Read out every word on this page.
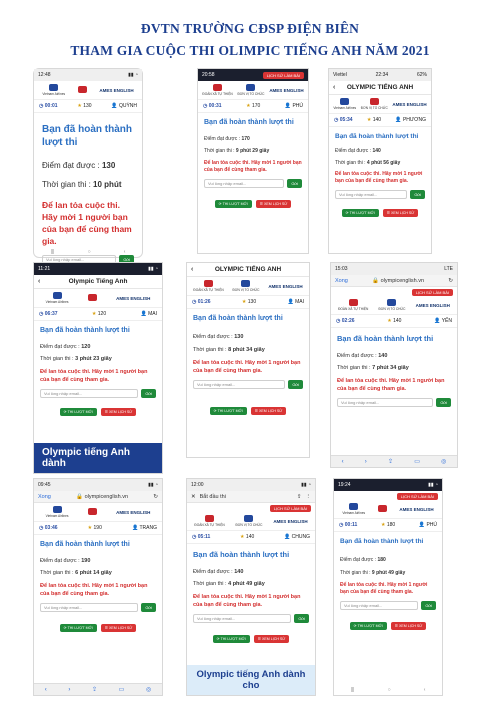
ĐVTN TRƯỜNG CĐSP ĐIỆN BIÊN
THAM GIA CUỘC THI OLIMPIC TIẾNG ANH NĂM 2021
12:48	▮▮ ◔
Vietnam Airlines
AMES ENGLISH
◷ 00:01	★ 130	👤 QUỲNH
Bạn đã hoàn thành lượt thi
Điểm đạt được : 130
Thời gian thi : 10 phút
Để lan tỏa cuộc thi. Hãy mời 1 người bạn của bạn để cùng tham gia.
Vui lòng nhập email...	Gửi
|||	○	‹
20:58	LỊCH SỬ LÀM BÀI
ĐOÀN XÃ TỰ THIỆN ĐƠN VỊ TỔ CHỨC
AMES ENGLISH
◷ 00:31	★ 170	👤 PHÚ
Bạn đã hoàn thành lượt thi
Điểm đạt được : 170
Thời gian thi : 9 phút 29 giây
Để lan tỏa cuộc thi. Hãy mời 1 người bạn của bạn để cùng tham gia.
Vui lòng nhập email...	Gửi
⟳ THI LƯỢT MỚI	☰ XEM LỊCH SỬ
Viettel	22:34	62%
‹ OLYMPIC TIẾNG ANH
Vietnam Airlines ĐƠN VỊ TỔ CHỨC
AMES ENGLISH
◷ 05:34	★ 140	👤 PHƯƠNG
Bạn đã hoàn thành lượt thi
Điểm đạt được : 140
Thời gian thi : 4 phút 56 giây
Để lan tỏa cuộc thi. Hãy mời 1 người bạn của bạn để cùng tham gia.
Vui lòng nhập email...	Gửi
⟳ THI LƯỢT MỚI	☰ XEM LỊCH SỬ
11:21	▮▮ ◔
‹	Olympic Tiếng Anh
Vietnam Airlines
AMES ENGLISH
◷ 06:37	★ 120	👤 MAI
Bạn đã hoàn thành lượt thi
Điểm đạt được : 120
Thời gian thi : 3 phút 23 giây
Để lan tỏa cuộc thi. Hãy mời 1 người bạn của bạn để cùng tham gia.
Vui lòng nhập email...	Gửi
⟳ THI LƯỢT MỚI	☰ XEM LỊCH SỬ
Olympic tiếng Anh dành
‹	OLYMPIC TIẾNG ANH
ĐOÀN XÃ TỰ THIỆN	ĐƠN VỊ TỔ CHỨC
AMES ENGLISH
◷ 01:26	★ 130	👤 MAI
Bạn đã hoàn thành lượt thi
Điểm đạt được : 130
Thời gian thi : 8 phút 34 giây
Để lan tỏa cuộc thi. Hãy mời 1 người bạn của bạn để cùng tham gia.
Vui lòng nhập email...	Gửi
⟳ THI LƯỢT MỚI	☰ XEM LỊCH SỬ
15:03	LTE
Xong	🔒 olympicenglish.vn	↻
LỊCH SỬ LÀM BÀI
ĐOÀN XÃ TỰ THIỆN	ĐƠN VỊ TỔ CHỨC
AMES ENGLISH
◷ 02:26	★ 140	👤 YẾN
Bạn đã hoàn thành lượt thi
Điểm đạt được : 140
Thời gian thi : 7 phút 34 giây
Để lan tỏa cuộc thi. Hãy mời 1 người bạn của bạn để cùng tham gia.
Vui lòng nhập email...	Gửi
‹	›	⇪	▭	◎
09:45	▮▮ ◔
Xong	🔒 olympicenglish.vn	↻
Vietnam Airlines
AMES ENGLISH
◷ 03:46	★ 190	👤 TRANG
Bạn đã hoàn thành lượt thi
Điểm đạt được : 190
Thời gian thi : 6 phút 14 giây
Để lan tỏa cuộc thi. Hãy mời 1 người bạn của bạn để cùng tham gia.
Vui lòng nhập email...	Gửi
⟳ THI LƯỢT MỚI	☰ XEM LỊCH SỬ
‹	›	⇪	▭	◎
12:00	▮▮ ◔
✕ Bắt đầu thi	⇪ ⋮
LỊCH SỬ LÀM BÀI
ĐOÀN XÃ TỰ THIỆN	ĐƠN VỊ TỔ CHỨC
AMES ENGLISH
◷ 05:11	★ 140	👤 CHUNG
Bạn đã hoàn thành lượt thi
Điểm đạt được : 140
Thời gian thi : 4 phút 49 giây
Để lan tỏa cuộc thi. Hãy mời 1 người bạn của bạn để cùng tham gia.
Vui lòng nhập email...	Gửi
⟳ THI LƯỢT MỚI	☰ XEM LỊCH SỬ
Olympic tiếng Anh dành cho
19:24	▮▮ ◔
LỊCH SỬ LÀM BÀI
Vietnam Airlines
AMES ENGLISH
◷ 00:11	★ 180	👤 PHÚ
Bạn đã hoàn thành lượt thi
Điểm đạt được : 180
Thời gian thi : 9 phút 49 giây
Để lan tỏa cuộc thi. Hãy mời 1 người bạn của bạn để cùng tham gia.
Vui lòng nhập email...	Gửi
⟳ THI LƯỢT MỚI	☰ XEM LỊCH SỬ
|||	○	‹
